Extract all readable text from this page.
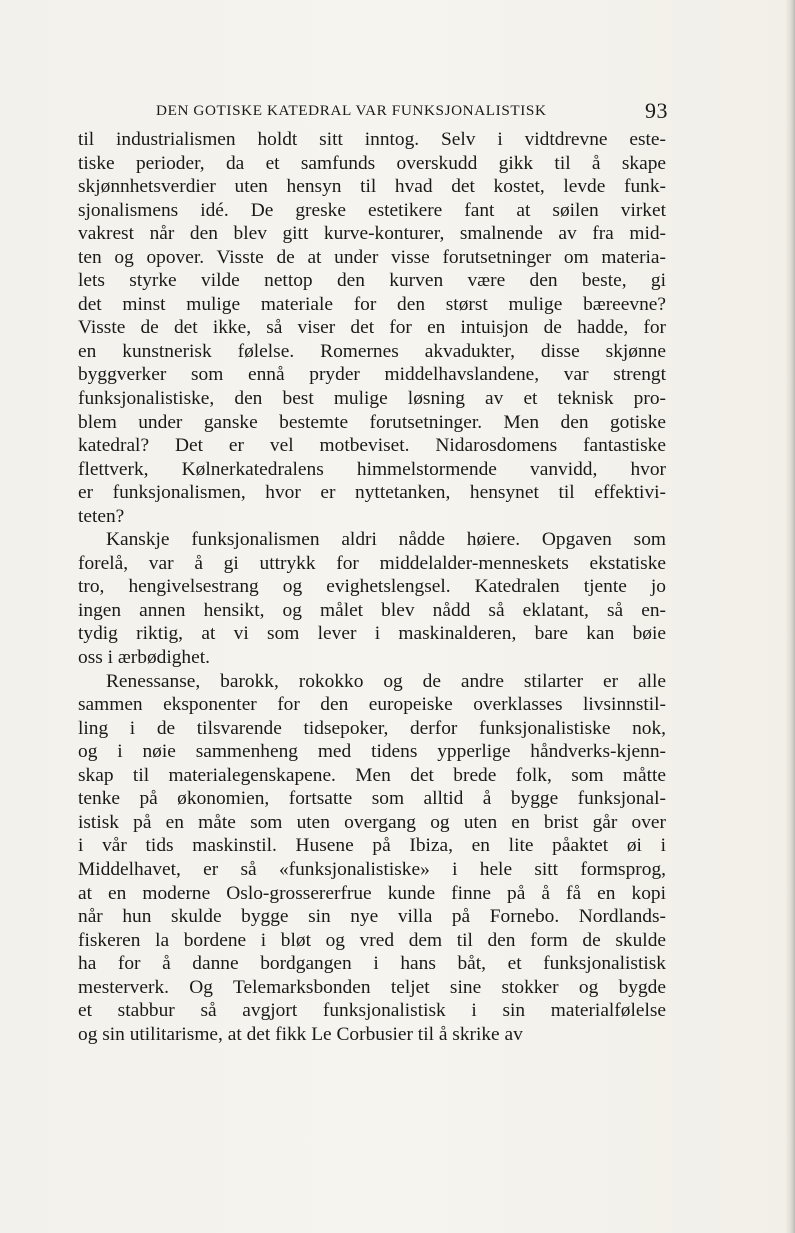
DEN GOTISKE KATEDRAL VAR FUNKSJONALISTISK	93
til industrialismen holdt sitt inntog. Selv i vidtdrevne este-
tiske perioder, da et samfunds overskudd gikk til å skape
skjønnhetsverdier uten hensyn til hvad det kostet, levde funk-
sjonalismens idé. De greske estetikere fant at søilen virket
vakrest når den blev gitt kurve-konturer, smalnende av fra mid-
ten og opover. Visste de at under visse forutsetninger om materia-
lets styrke vilde nettop den kurven være den beste, gi
det minst mulige materiale for den størst mulige bæreevne?
Visste de det ikke, så viser det for en intuisjon de hadde, for
en kunstnerisk følelse. Romernes akvadukter, disse skjønne
byggverker som ennå pryder middelhavslandene, var strengt
funksjonalistiske, den best mulige løsning av et teknisk pro-
blem under ganske bestemte forutsetninger. Men den gotiske
katedral? Det er vel motbeviset. Nidarosdomens fantastiske
flettverk, Kølnerkatedralens himmelstormende vanvidd, hvor
er funksjonalismen, hvor er nyttetanken, hensynet til effektivi-
teten?
Kanskje funksjonalismen aldri nådde høiere. Opgaven som
forelå, var å gi uttrykk for middelalder-menneskets ekstatiske
tro, hengivelsestrang og evighetslengsel. Katedralen tjente jo
ingen annen hensikt, og målet blev nådd så eklatant, så en-
tydig riktig, at vi som lever i maskinalderen, bare kan bøie
oss i ærbødighet.
Renessanse, barokk, rokokko og de andre stilarter er alle
sammen eksponenter for den europeiske overklasses livsinnstil-
ling i de tilsvarende tidsepoker, derfor funksjonalistiske nok,
og i nøie sammenheng med tidens ypperlige håndverks-kjenn-
skap til materialegenskapene. Men det brede folk, som måtte
tenke på økonomien, fortsatte som alltid å bygge funksjonal-
istisk på en måte som uten overgang og uten en brist går over
i vår tids maskinstil. Husene på Ibiza, en lite påaktet øi i
Middelhavet, er så «funksjonalistiske» i hele sitt formsprog,
at en moderne Oslo-grossererfrue kunde finne på å få en kopi
når hun skulde bygge sin nye villa på Fornebo. Nordlands-
fiskeren la bordene i bløt og vred dem til den form de skulde
ha for å danne bordgangen i hans båt, et funksjonalistisk
mesterverk. Og Telemarksbonden teljet sine stokker og bygde
et stabbur så avgjort funksjonalistisk i sin materialfølelse
og sin utilitarisme, at det fikk Le Corbusier til å skrike av
